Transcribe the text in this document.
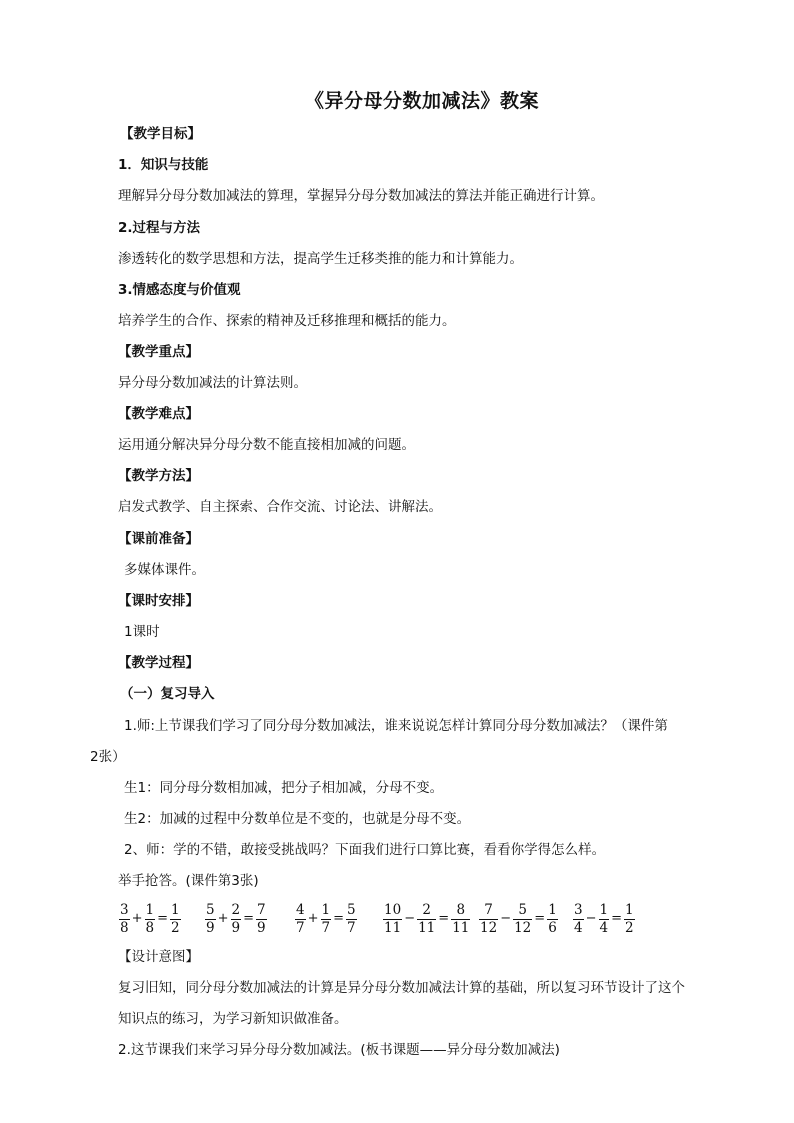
《异分母分数加减法》教案
【教学目标】
1．知识与技能
理解异分母分数加减法的算理，掌握异分母分数加减法的算法并能正确进行计算。
2.过程与方法
渗透转化的数学思想和方法，提高学生迁移类推的能力和计算能力。
3.情感态度与价值观
培养学生的合作、探索的精神及迁移推理和概括的能力。
【教学重点】
异分母分数加减法的计算法则。
【教学难点】
运用通分解决异分母分数不能直接相加减的问题。
【教学方法】
启发式教学、自主探索、合作交流、讨论法、讲解法。
【课前准备】
多媒体课件。
【课时安排】
1课时
【教学过程】
（一）复习导入
1.师:上节课我们学习了同分母分数加减法，谁来说说怎样计算同分母分数加减法？（课件第
2张）
生1：同分母分数相加减，把分子相加减，分母不变。
生2：加减的过程中分数单位是不变的，也就是分母不变。
2、师：学的不错，敢接受挑战吗？下面我们进行口算比赛，看看你学得怎么样。
举手抢答。(课件第3张)
$\frac{3}{8} + \frac{1}{8} = \frac{1}{2} \frac{5}{9} + \frac{2}{9} = \frac{7}{9} \frac{4}{7} + \frac{1}{7} = \frac{5}{7} \frac{10}{11} - \frac{2}{11} = \frac{8}{11} \frac{7}{12} - \frac{5}{12} = \frac{1}{6} \frac{3}{4} - \frac{1}{4} = \frac{1}{2}$
【设计意图】
复习旧知，同分母分数加减法的计算是异分母分数加减法计算的基础，所以复习环节设计了这个
知识点的练习，为学习新知识做准备。
2.这节课我们来学习异分母分数加减法。(板书课题——异分母分数加减法)
